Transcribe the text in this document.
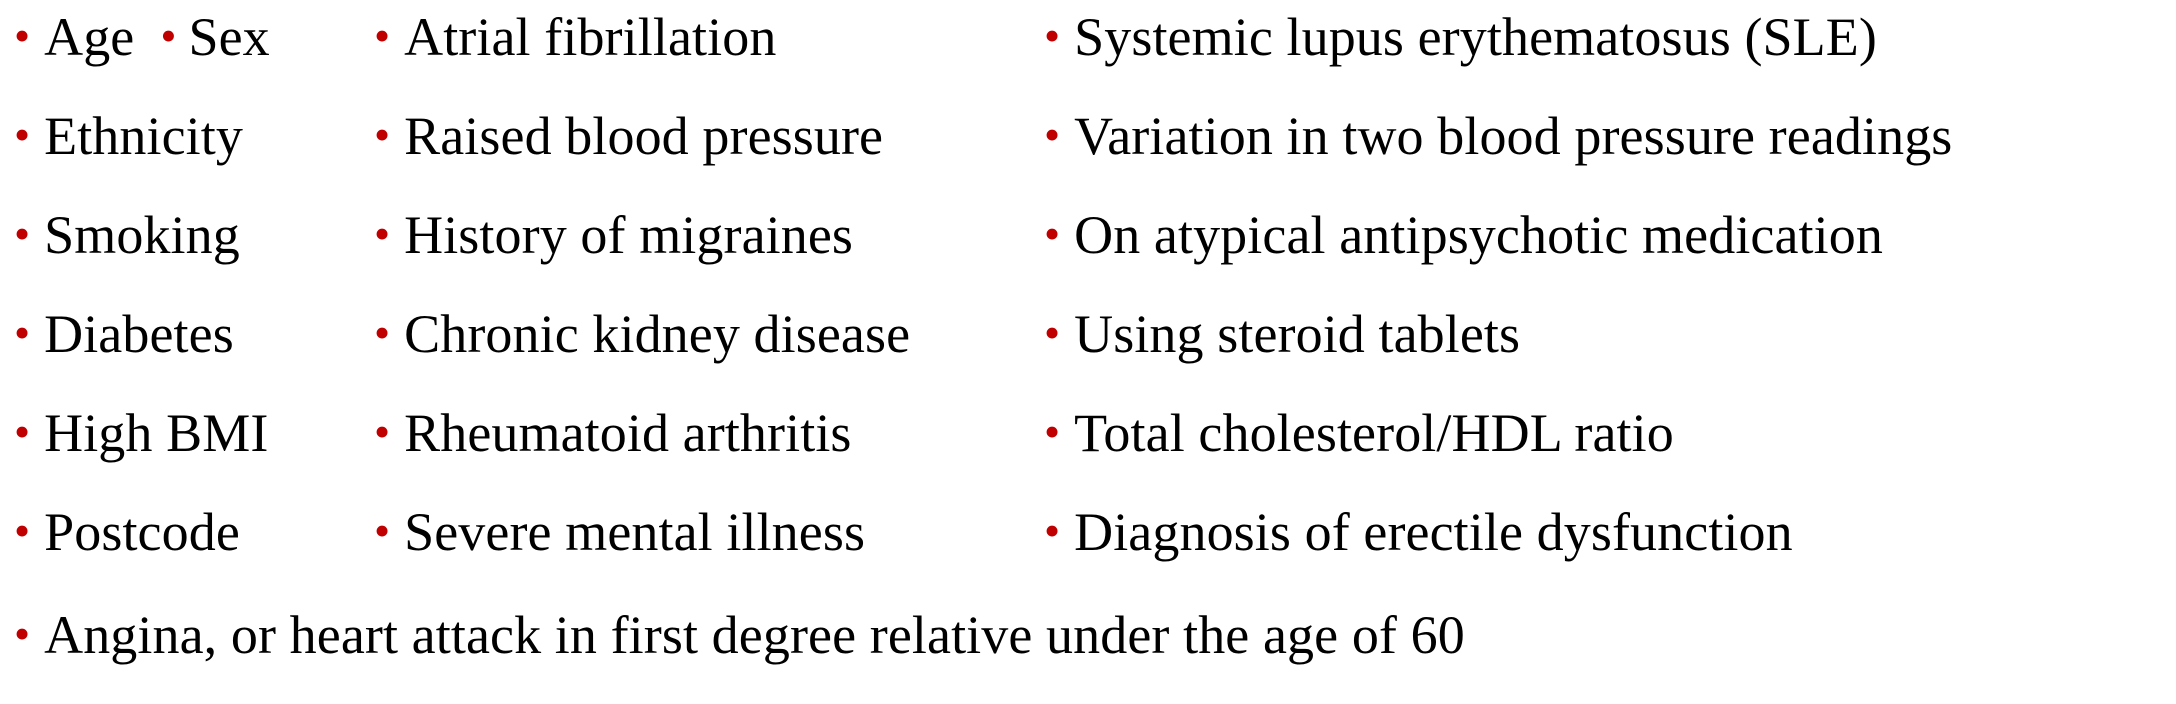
• Age • Sex
• Ethnicity
• Smoking
• Diabetes
• High BMI
• Postcode
• Atrial fibrillation
• Raised blood pressure
• History of migraines
• Chronic kidney disease
• Rheumatoid arthritis
• Severe mental illness
• Systemic lupus erythematosus (SLE)
• Variation in two blood pressure readings
• On atypical antipsychotic medication
• Using steroid tablets
• Total cholesterol/HDL ratio
• Diagnosis of erectile dysfunction
• Angina, or heart attack in first degree relative under the age of 60
